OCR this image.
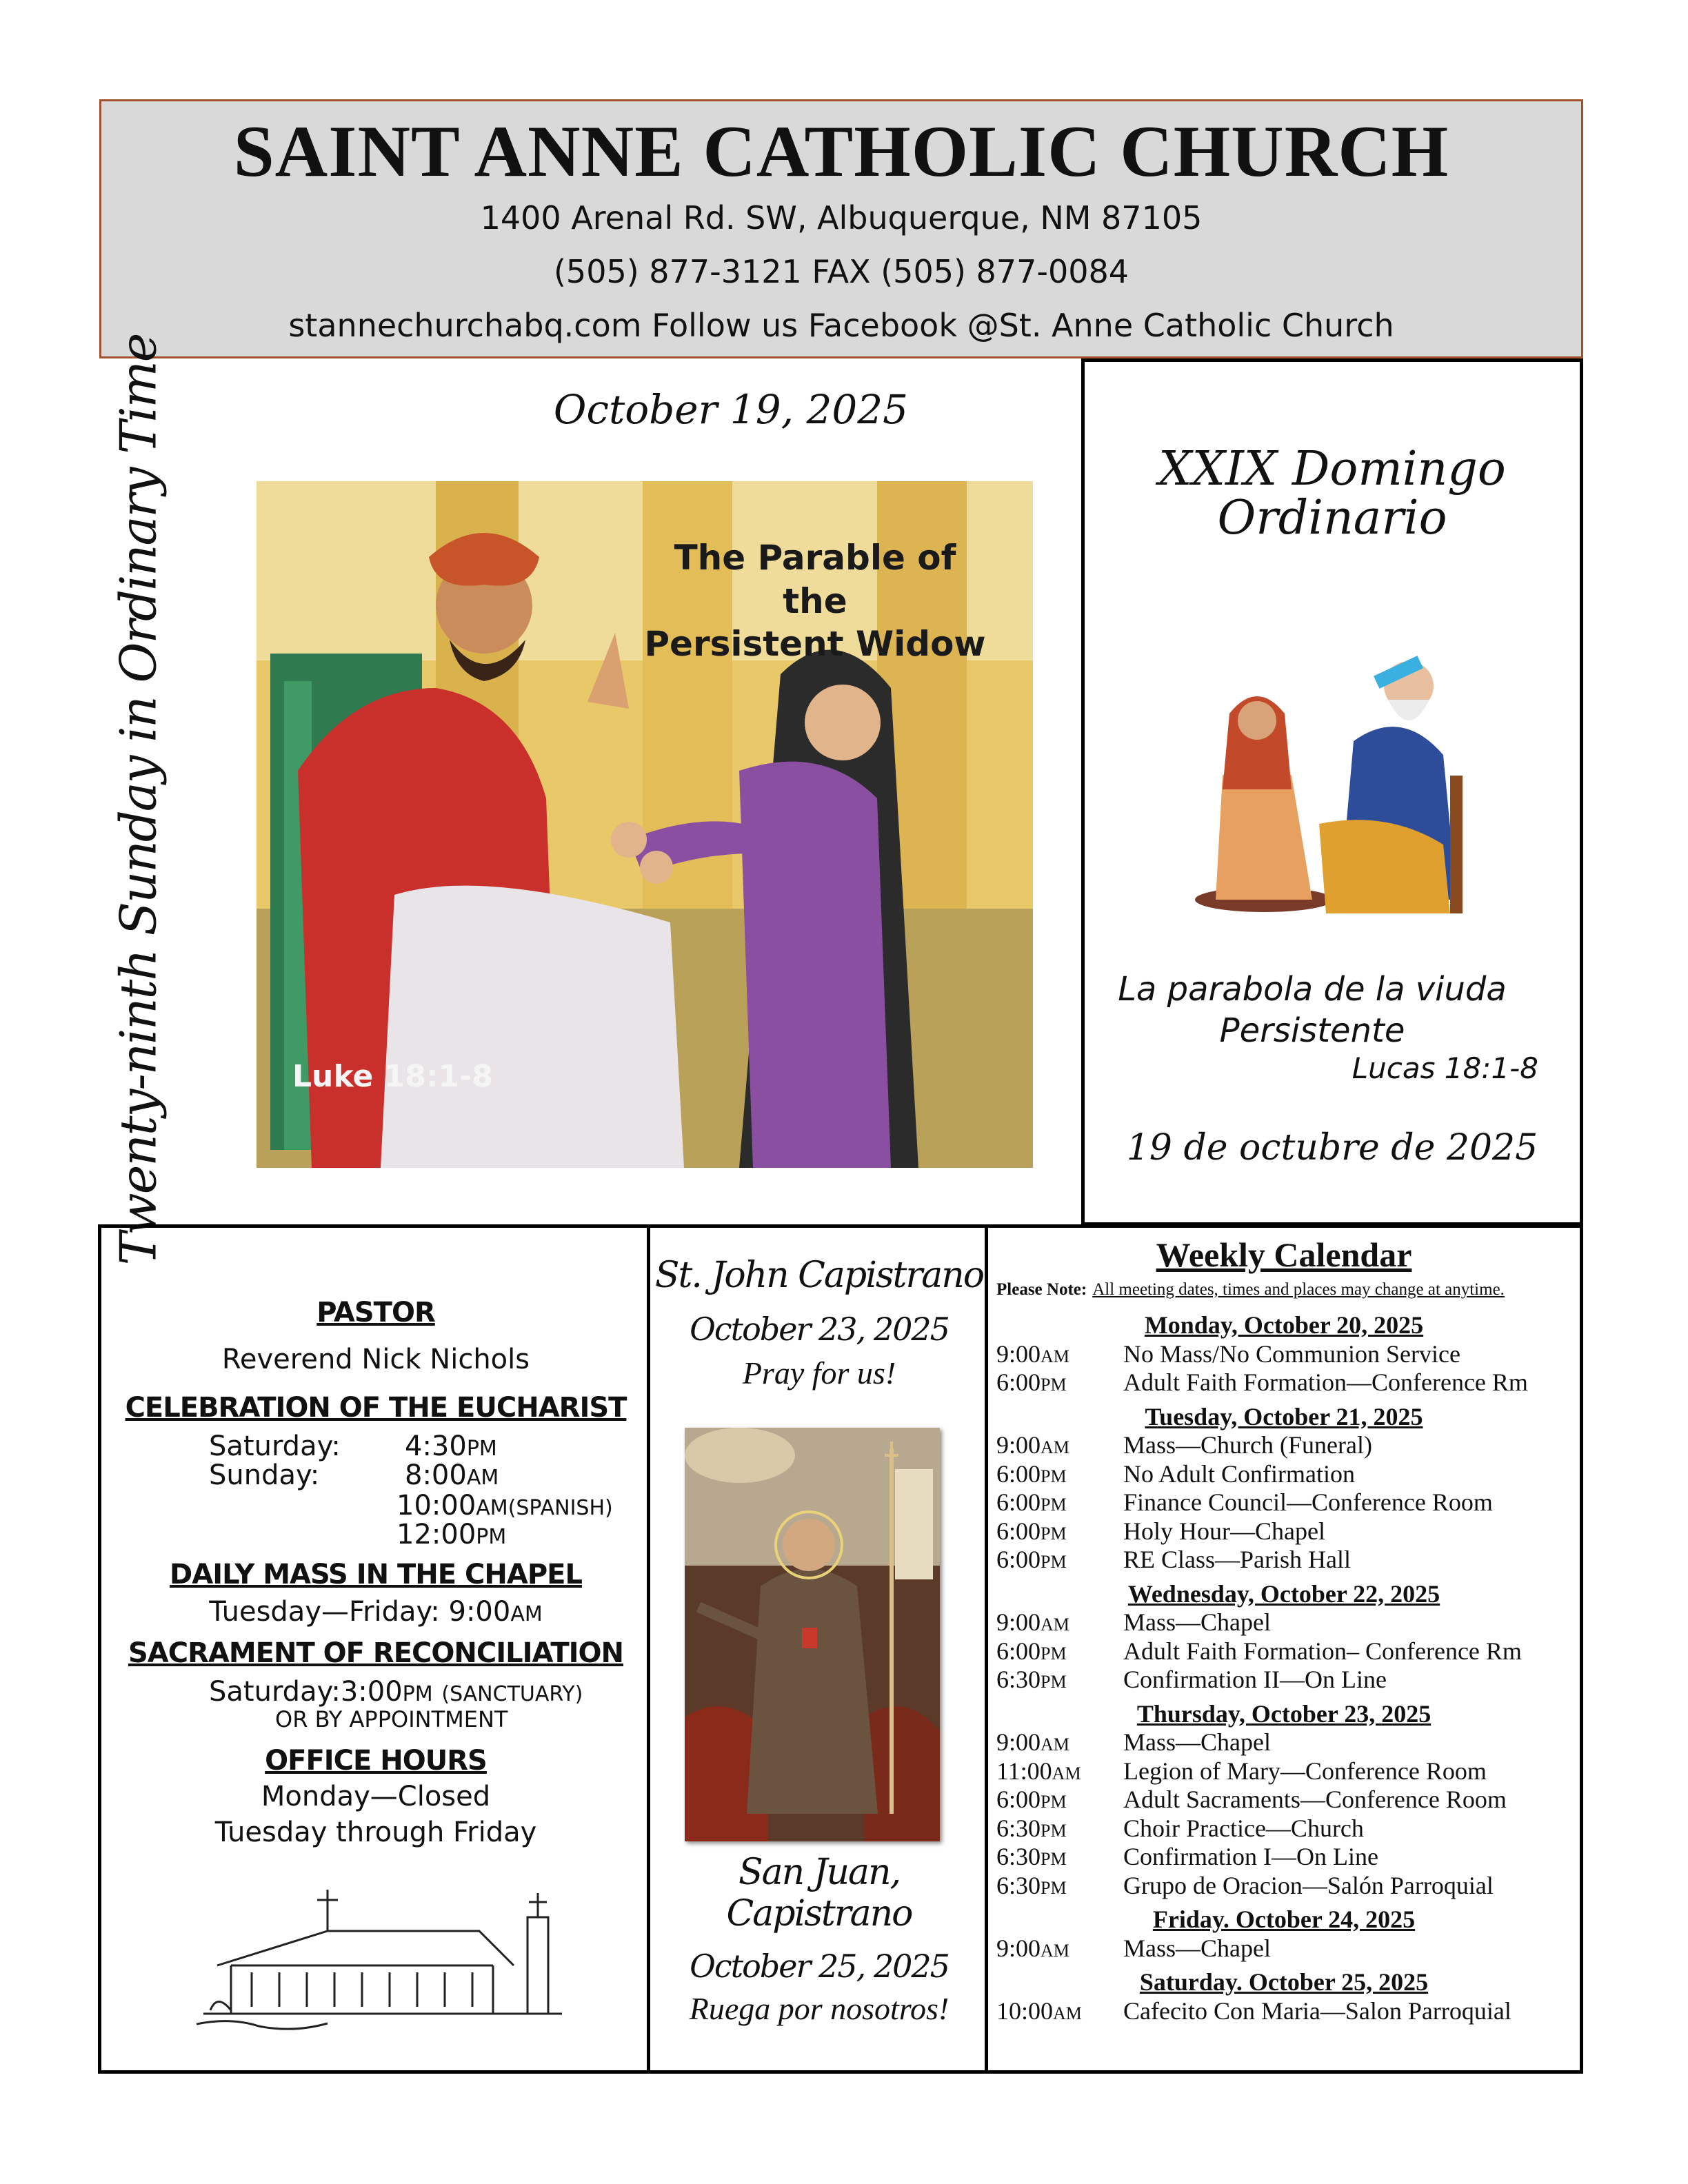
SAINT ANNE CATHOLIC CHURCH
1400 Arenal Rd. SW, Albuquerque, NM 87105
(505) 877-3121 FAX (505) 877-0084
stannechurchabq.com Follow us Facebook @St. Anne Catholic Church
Twenty-ninth Sunday in Ordinary Time	October 19, 2025
The Parable of the
Persistent Widow
Luke 18:1-8
XXIX Domingo
Ordinario
La parabola de la viuda
Persistente
Lucas 18:1-8
19 de octubre de 2025
PASTOR
Reverend Nick Nichols
CELEBRATION OF THE EUCHARIST
Saturday: 4:30PM
Sunday:	8:00AM
10:00AM(SPANISH)
12:00PM
DAILY MASS IN THE CHAPEL
Tuesday—Friday: 9:00AM
SACRAMENT OF RECONCILIATION
Saturday:3:00PM (SANCTUARY)
OR BY APPOINTMENT
OFFICE HOURS
Monday—Closed
Tuesday through Friday
St. John Capistrano
October 23, 2025
Pray for us!
San Juan,
Capistrano
October 25, 2025
Ruega por nosotros!
Weekly Calendar
Please Note: All meeting dates, times and places may change at anytime.
Monday, October 20, 2025
9:00AM No Mass/No Communion Service
6:00PM Adult Faith Formation—Conference Rm
Tuesday, October 21, 2025
9:00AM Mass—Church (Funeral)
6:00PM No Adult Confirmation
6:00PM Finance Council—Conference Room
6:00PM Holy Hour—Chapel
6:00PM RE Class—Parish Hall
Wednesday, October 22, 2025
9:00AM Mass—Chapel
6:00PM Adult Faith Formation– Conference Rm
6:30PM Confirmation II—On Line
Thursday, October 23, 2025
9:00AM Mass—Chapel
11:00AM Legion of Mary—Conference Room
6:00PM Adult Sacraments—Conference Room
6:30PM Choir Practice—Church
6:30PM Confirmation I—On Line
6:30PM Grupo de Oracion—Salón Parroquial
Friday. October 24, 2025
9:00AM Mass—Chapel
Saturday. October 25, 2025
10:00AM Cafecito Con Maria—Salon Parroquial
